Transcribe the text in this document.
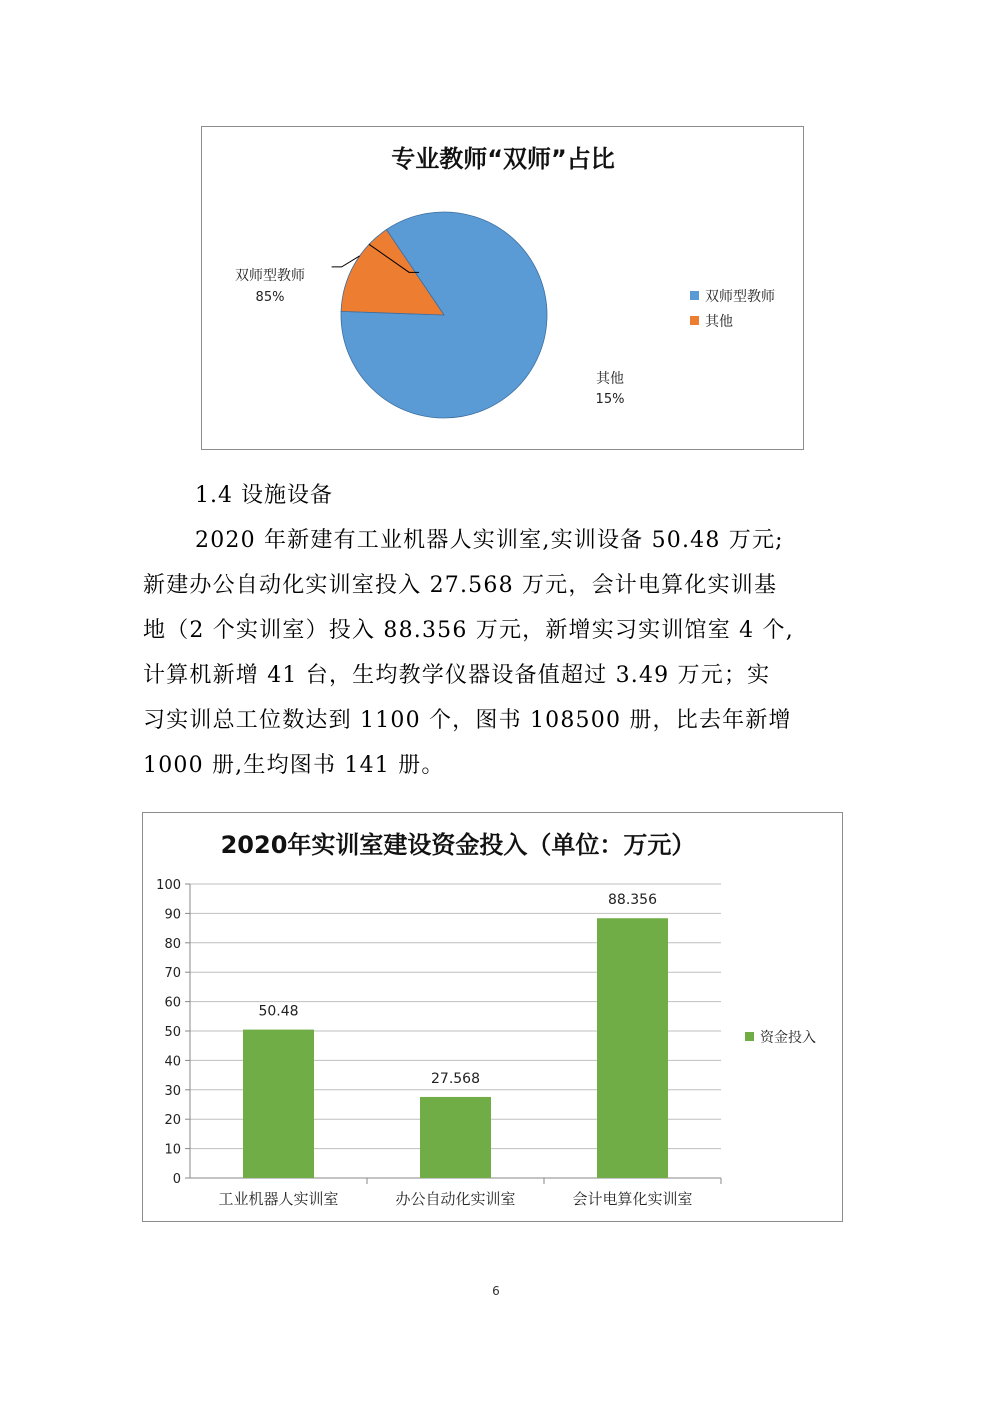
专业教师“双师”占比
双师型教师
85%
其他
15%
双师型教师
其他
1.4 设施设备

2020 年新建有工业机器人实训室,实训设备 50.48 万元;

新建办公自动化实训室投入 27.568 万元，会计电算化实训基

地（2 个实训室）投入 88.356 万元，新增实习实训馆室 4 个,

计算机新增 41 台，生均教学仪器设备值超过 3.49 万元；实

习实训总工位数达到 1100 个，图书 108500 册，比去年新增

1000 册,生均图书 141 册。

2020年实训室建设资金投入（单位：万元）
0
10
20
30
40
50
60
70
80
90
100
50.48
工业机器人实训室
27.568
办公自动化实训室
88.356
会计电算化实训室
资金投入
6
